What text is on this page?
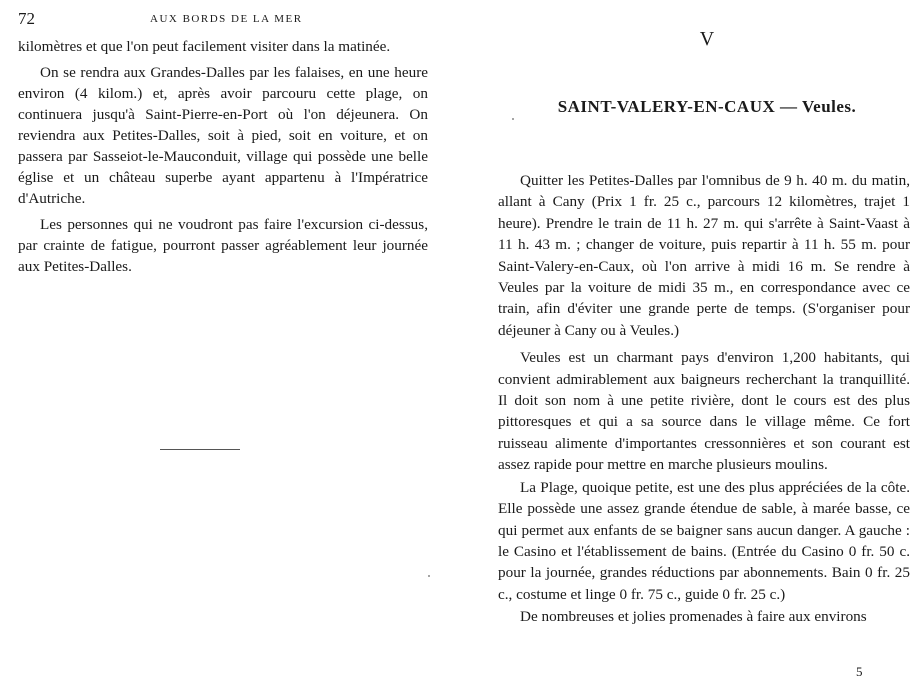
72	AUX BORDS DE LA MER

kilomètres et que l'on peut facilement visiter dans la matinée.

On se rendra aux Grandes-Dalles par les falaises, en une heure environ (4 kilom.) et, après avoir parcouru cette plage, on continuera jusqu'à Saint-Pierre-en-Port où l'on déjeunera. On reviendra aux Petites-Dalles, soit à pied, soit en voiture, et on passera par Sasseiot-le-Mauconduit, village qui possède une belle église et un château superbe ayant appartenu à l'Impératrice d'Autriche.

Les personnes qui ne voudront pas faire l'excursion ci-dessus, par crainte de fatigue, pourront passer agréablement leur journée aux Petites-Dalles.

V
SAINT-VALERY-EN-CAUX — Veules.

Quitter les Petites-Dalles par l'omnibus de 9 h. 40 m. du matin, allant à Cany (Prix 1 fr. 25 c., parcours 12 kilomètres, trajet 1 heure). Prendre le train de 11 h. 27 m. qui s'arrête à Saint-Vaast à 11 h. 43 m. ; changer de voiture, puis repartir à 11 h. 55 m. pour Saint-Valery-en-Caux, où l'on arrive à midi 16 m. Se rendre à Veules par la voiture de midi 35 m., en correspondance avec ce train, afin d'éviter une grande perte de temps. (S'organiser pour déjeuner à Cany ou à Veules.)

Veules est un charmant pays d'environ 1,200 habitants, qui convient admirablement aux baigneurs recherchant la tranquillité. Il doit son nom à une petite rivière, dont le cours est des plus pittoresques et qui a sa source dans le village même. Ce fort ruisseau alimente d'importantes cressonnières et son courant est assez rapide pour mettre en marche plusieurs moulins.

La Plage, quoique petite, est une des plus appréciées de la côte. Elle possède une assez grande étendue de sable, à marée basse, ce qui permet aux enfants de se baigner sans aucun danger. A gauche : le Casino et l'établissement de bains. (Entrée du Casino 0 fr. 50 c. pour la journée, grandes réductions par abonnements. Bain 0 fr. 25 c., costume et linge 0 fr. 75 c., guide 0 fr. 25 c.)

De nombreuses et jolies promenades à faire aux environs

5
